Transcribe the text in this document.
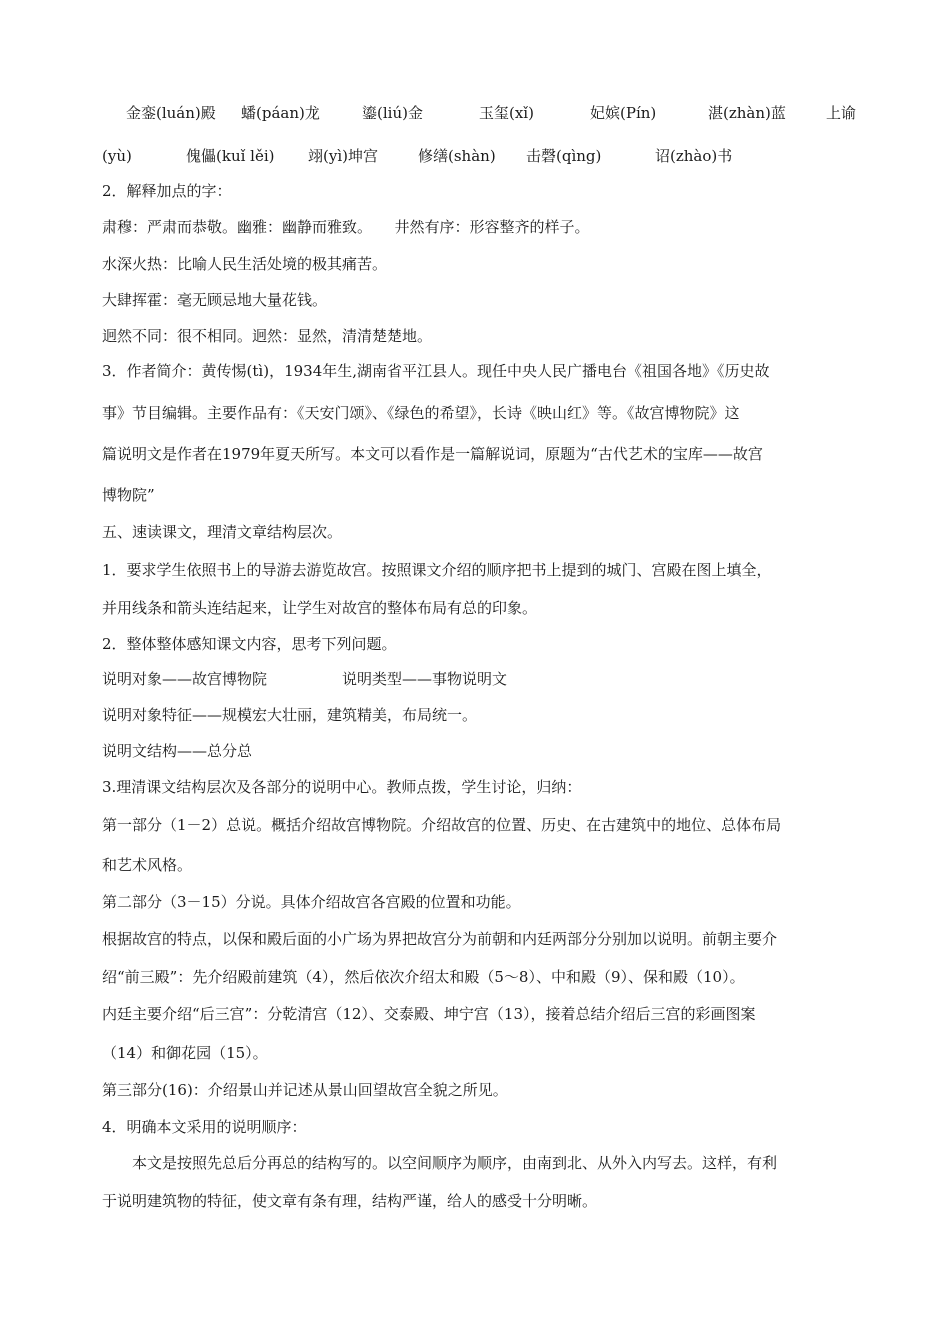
金銮(luán)殿 蟠(páan)龙	鎏(liú)金	玉玺(xǐ)	妃嫔(Pín)	湛(zhàn)蓝	上谕
(yù)	傀儡(kuǐ lěi) 翊(yì)坤宫	修缮(shàn) 击磬(qìng)	诏(zhào)书
2．解释加点的字：
肃穆：严肃而恭敬。幽雅：幽静而雅致。　　井然有序：形容整齐的样子。
水深火热：比喻人民生活处境的极其痛苦。
大肆挥霍：毫无顾忌地大量花钱。
迥然不同：很不相同。迥然：显然，清清楚楚地。
3．作者简介：黄传惕(tì)，1934年生,湖南省平江县人。现任中央人民广播电台《祖国各地》《历史故
事》节目编辑。主要作品有：《天安门颂》、《绿色的希望》，长诗《映山红》等。《故宫博物院》这
篇说明文是作者在1979年夏天所写。本文可以看作是一篇解说词，原题为“古代艺术的宝库——故宫
博物院”
五、速读课文，理清文章结构层次。
1．要求学生依照书上的导游去游览故宫。按照课文介绍的顺序把书上提到的城门、宫殿在图上填全，
并用线条和箭头连结起来，让学生对故宫的整体布局有总的印象。
2．整体整体感知课文内容，思考下列问题。
说明对象——故宫博物院　　　　　说明类型——事物说明文
说明对象特征——规模宏大壮丽，建筑精美，布局统一。
说明文结构——总分总
3.理清课文结构层次及各部分的说明中心。教师点拨，学生讨论，归纳：
第一部分（1－2）总说。概括介绍故宫博物院。介绍故宫的位置、历史、在古建筑中的地位、总体布局
和艺术风格。
第二部分（3－15）分说。具体介绍故宫各宫殿的位置和功能。
根据故宫的特点，以保和殿后面的小广场为界把故宫分为前朝和内廷两部分分别加以说明。前朝主要介
绍“前三殿”：先介绍殿前建筑（4），然后依次介绍太和殿（5～8）、中和殿（9）、保和殿（10）。
内廷主要介绍“后三宫”：分乾清宫（12）、交泰殿、坤宁宫（13），接着总结介绍后三宫的彩画图案
（14）和御花园（15）。
第三部分(16)：介绍景山并记述从景山回望故宫全貌之所见。
4．明确本文采用的说明顺序：
　　本文是按照先总后分再总的结构写的。以空间顺序为顺序，由南到北、从外入内写去。这样，有利
于说明建筑物的特征，使文章有条有理，结构严谨，给人的感受十分明晰。
